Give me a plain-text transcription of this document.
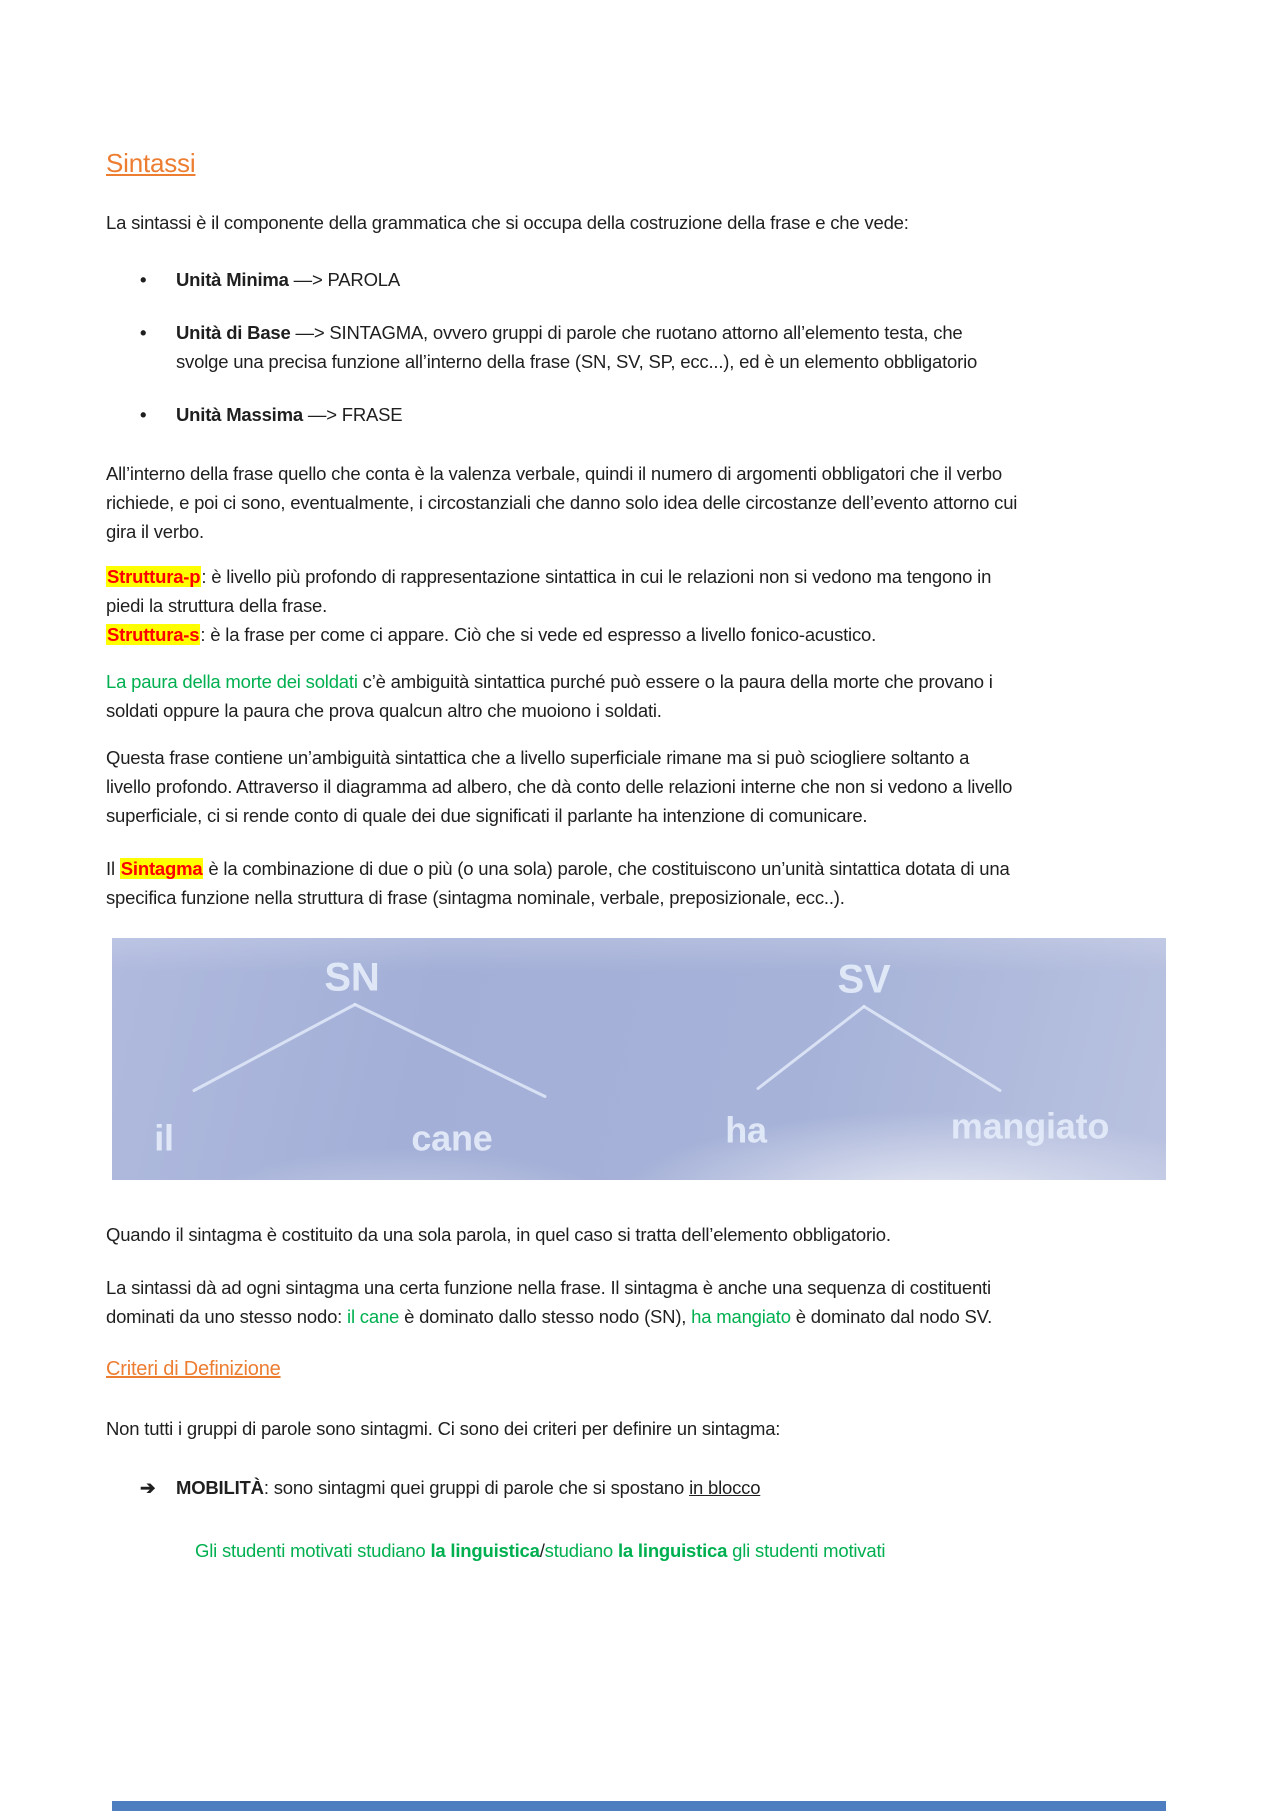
Sintassi

La sintassi è il componente della grammatica che si occupa della costruzione della frase e che vede:

•	Unità Minima —> PAROLA
•	Unità di Base —> SINTAGMA, ovvero gruppi di parole che ruotano attorno all’elemento testa, che svolge una precisa funzione all’interno della frase (SN, SV, SP, ecc...), ed è un elemento obbligatorio
•	Unità Massima —> FRASE

All’interno della frase quello che conta è la valenza verbale, quindi il numero di argomenti obbligatori che il verbo richiede, e poi ci sono, eventualmente, i circostanziali che danno solo idea delle circostanze dell’evento attorno cui gira il verbo.

Struttura-p: è livello più profondo di rappresentazione sintattica in cui le relazioni non si vedono ma tengono in piedi la struttura della frase.
Struttura-s: è la frase per come ci appare. Ciò che si vede ed espresso a livello fonico-acustico.

La paura della morte dei soldati c’è ambiguità sintattica purché può essere o la paura della morte che provano i soldati oppure la paura che prova qualcun altro che muoiono i soldati.

Questa frase contiene un’ambiguità sintattica che a livello superficiale rimane ma si può sciogliere soltanto a livello profondo. Attraverso il diagramma ad albero, che dà conto delle relazioni interne che non si vedono a livello superficiale, ci si rende conto di quale dei due significati il parlante ha intenzione di comunicare.

Il Sintagma è la combinazione di due o più (o una sola) parole, che costituiscono un’unità sintattica dotata di una specifica funzione nella struttura di frase (sintagma nominale, verbale, preposizionale, ecc..).

SN
il	cane
SV
ha	mangiato

Quando il sintagma è costituito da una sola parola, in quel caso si tratta dell’elemento obbligatorio.

La sintassi dà ad ogni sintagma una certa funzione nella frase. Il sintagma è anche una sequenza di costituenti dominati da uno stesso nodo: il cane è dominato dallo stesso nodo (SN), ha mangiato è dominato dal nodo SV.

Criteri di Definizione

Non tutti i gruppi di parole sono sintagmi. Ci sono dei criteri per definire un sintagma:

➔	MOBILITÀ: sono sintagmi quei gruppi di parole che si spostano in blocco

Gli studenti motivati studiano la linguistica/studiano la linguistica gli studenti motivati
